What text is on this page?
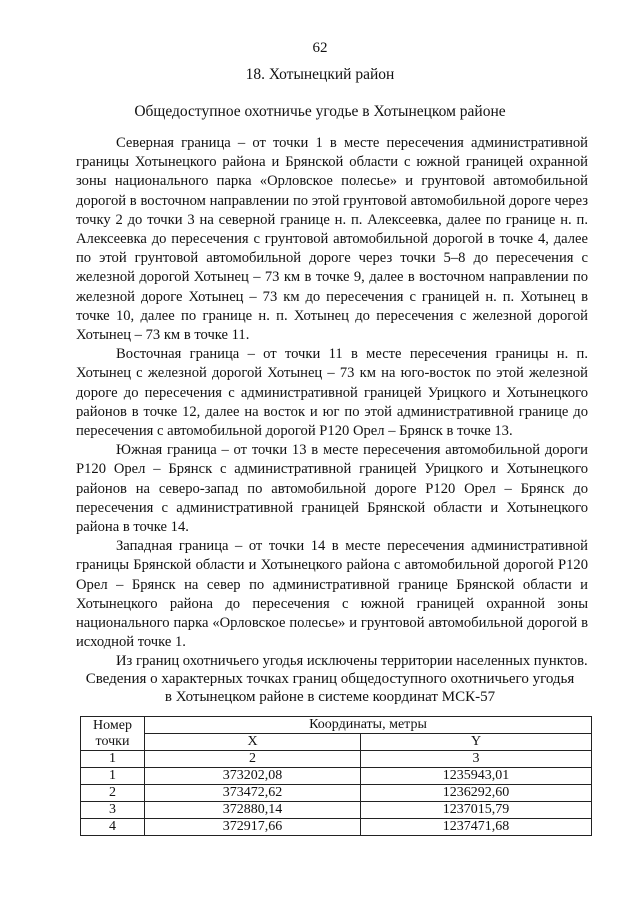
62
18. Хотынецкий район
Общедоступное охотничье угодье в Хотынецком районе

Северная граница – от точки 1 в месте пересечения административной границы Хотынецкого района и Брянской области с южной границей охранной зоны национального парка «Орловское полесье» и грунтовой автомобильной дорогой в восточном направлении по этой грунтовой автомобильной дороге через точку 2 до точки 3 на северной границе н. п. Алексеевка, далее по границе н. п. Алексеевка до пересечения с грунтовой автомобильной дорогой в точке 4, далее по этой грунтовой автомобильной дороге через точки 5–8 до пересечения с железной дорогой Хотынец – 73 км в точке 9, далее в восточном направлении по железной дороге Хотынец – 73 км до пересечения с границей н. п. Хотынец в точке 10, далее по границе н. п. Хотынец до пересечения с железной дорогой Хотынец – 73 км в точке 11.

Восточная граница – от точки 11 в месте пересечения границы н. п. Хотынец с железной дорогой Хотынец – 73 км на юго-восток по этой железной дороге до пересечения с административной границей Урицкого и Хотынецкого районов в точке 12, далее на восток и юг по этой административной границе до пересечения с автомобильной дорогой Р120 Орел – Брянск в точке 13.

Южная граница – от точки 13 в месте пересечения автомобильной дороги Р120 Орел – Брянск с административной границей Урицкого и Хотынецкого районов на северо-запад по автомобильной дороге Р120 Орел – Брянск до пересечения с административной границей Брянской области и Хотынецкого района в точке 14.

Западная граница – от точки 14 в месте пересечения административной границы Брянской области и Хотынецкого района с автомобильной дорогой Р120 Орел – Брянск на север по административной границе Брянской области и Хотынецкого района до пересечения с южной границей охранной зоны национального парка «Орловское полесье» и грунтовой автомобильной дорогой в исходной точке 1.

Из границ охотничьего угодья исключены территории населенных пунктов.

Сведения о характерных точках границ общедоступного охотничьего угодья
в Хотынецком районе в системе координат МСК-57
Номер
точки	Координаты, метры	
	X	Y
1	2	3
1	373202,08	1235943,01
2	373472,62	1236292,60
3	372880,14	1237015,79
4	372917,66	1237471,68
